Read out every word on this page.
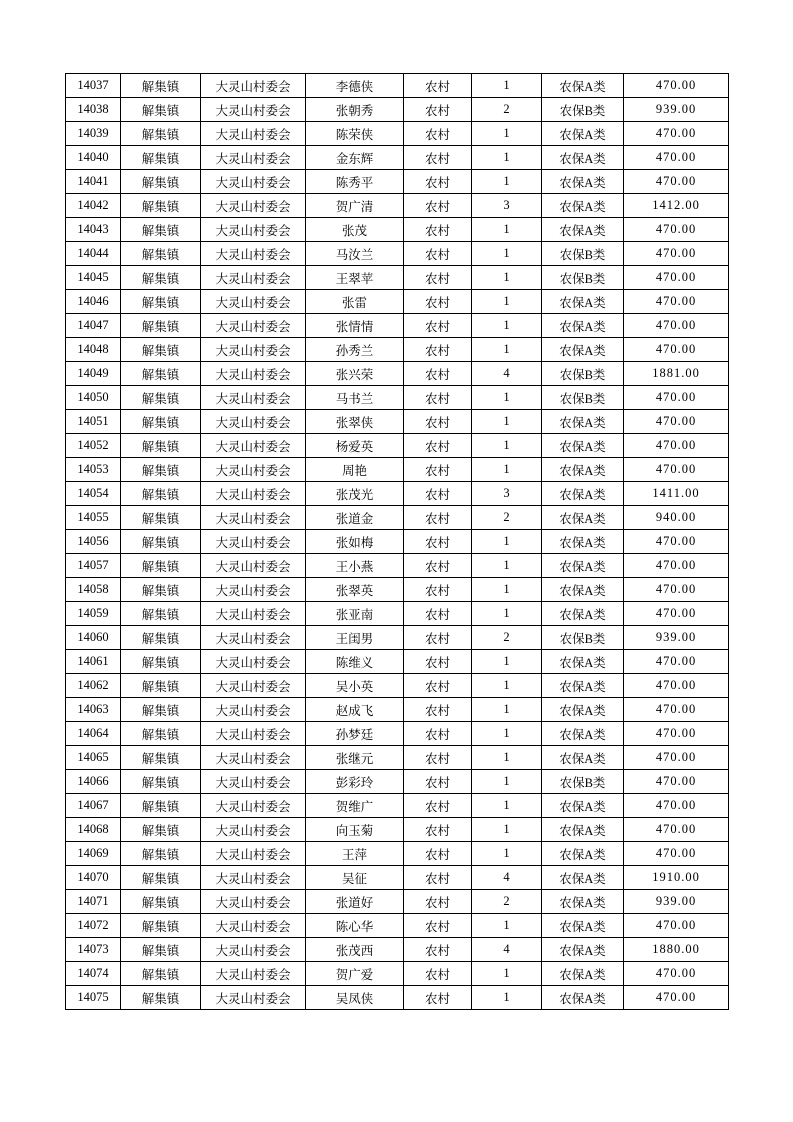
14037	解集镇	大灵山村委会	李德侠	农村	1	农保A类	470.00
14038	解集镇	大灵山村委会	张朝秀	农村	2	农保B类	939.00
14039	解集镇	大灵山村委会	陈荣侠	农村	1	农保A类	470.00
14040	解集镇	大灵山村委会	金东辉	农村	1	农保A类	470.00
14041	解集镇	大灵山村委会	陈秀平	农村	1	农保A类	470.00
14042	解集镇	大灵山村委会	贺广清	农村	3	农保A类	1412.00
14043	解集镇	大灵山村委会	张茂	农村	1	农保A类	470.00
14044	解集镇	大灵山村委会	马汝兰	农村	1	农保B类	470.00
14045	解集镇	大灵山村委会	王翠苹	农村	1	农保B类	470.00
14046	解集镇	大灵山村委会	张雷	农村	1	农保A类	470.00
14047	解集镇	大灵山村委会	张情情	农村	1	农保A类	470.00
14048	解集镇	大灵山村委会	孙秀兰	农村	1	农保A类	470.00
14049	解集镇	大灵山村委会	张兴荣	农村	4	农保B类	1881.00
14050	解集镇	大灵山村委会	马书兰	农村	1	农保B类	470.00
14051	解集镇	大灵山村委会	张翠侠	农村	1	农保A类	470.00
14052	解集镇	大灵山村委会	杨爱英	农村	1	农保A类	470.00
14053	解集镇	大灵山村委会	周艳	农村	1	农保A类	470.00
14054	解集镇	大灵山村委会	张茂光	农村	3	农保A类	1411.00
14055	解集镇	大灵山村委会	张道金	农村	2	农保A类	940.00
14056	解集镇	大灵山村委会	张如梅	农村	1	农保A类	470.00
14057	解集镇	大灵山村委会	王小燕	农村	1	农保A类	470.00
14058	解集镇	大灵山村委会	张翠英	农村	1	农保A类	470.00
14059	解集镇	大灵山村委会	张亚南	农村	1	农保A类	470.00
14060	解集镇	大灵山村委会	王闺男	农村	2	农保B类	939.00
14061	解集镇	大灵山村委会	陈维义	农村	1	农保A类	470.00
14062	解集镇	大灵山村委会	吴小英	农村	1	农保A类	470.00
14063	解集镇	大灵山村委会	赵成飞	农村	1	农保A类	470.00
14064	解集镇	大灵山村委会	孙梦廷	农村	1	农保A类	470.00
14065	解集镇	大灵山村委会	张继元	农村	1	农保A类	470.00
14066	解集镇	大灵山村委会	彭彩玲	农村	1	农保B类	470.00
14067	解集镇	大灵山村委会	贺维广	农村	1	农保A类	470.00
14068	解集镇	大灵山村委会	向玉菊	农村	1	农保A类	470.00
14069	解集镇	大灵山村委会	王萍	农村	1	农保A类	470.00
14070	解集镇	大灵山村委会	吴征	农村	4	农保A类	1910.00
14071	解集镇	大灵山村委会	张道好	农村	2	农保A类	939.00
14072	解集镇	大灵山村委会	陈心华	农村	1	农保A类	470.00
14073	解集镇	大灵山村委会	张茂西	农村	4	农保A类	1880.00
14074	解集镇	大灵山村委会	贺广爱	农村	1	农保A类	470.00
14075	解集镇	大灵山村委会	吴凤侠	农村	1	农保A类	470.00
